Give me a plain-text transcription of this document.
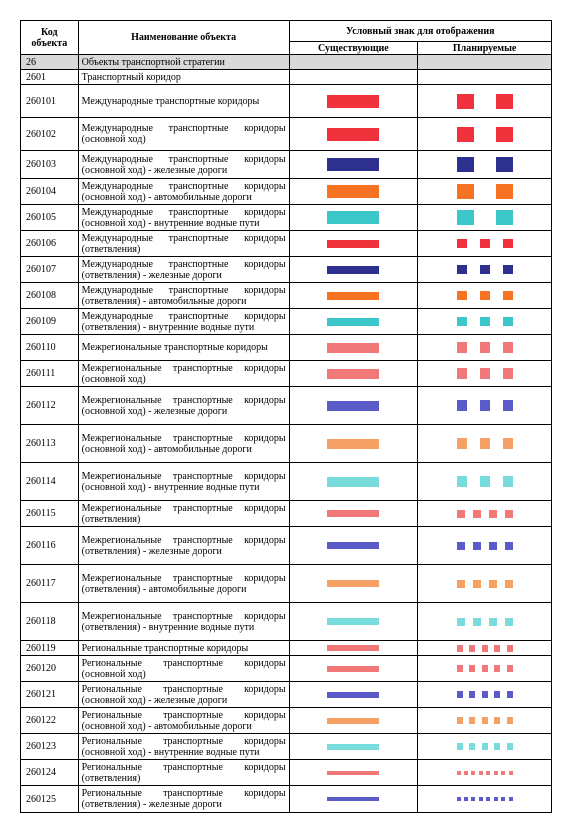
Код объекта	Наименование объекта	Условный знак для отображения	
		Существующие	Планируемые
26	Объекты транспортной стратегии		
2601	Транспортный коридор		
260101	Международные транспортные коридоры	

260102	Международные транспортные коридоры (основной ход)	

260103	Международные транспортные коридоры (основной ход) - железные дороги	

260104	Международные транспортные коридоры (основной ход) - автомобильные дороги	

260105	Международные транспортные коридоры (основной ход) - внутренние водные пути	

260106	Международные транспортные коридоры (ответвления)	

260107	Международные транспортные коридоры (ответвления) - железные дороги	

260108	Международные транспортные коридоры (ответвления) - автомобильные дороги	

260109	Международные транспортные коридоры (ответвления) - внутренние водные пути	

260110	Межрегиональные транспортные коридоры	

260111	Межрегиональные транспортные коридоры (основной ход)	

260112	Межрегиональные транспортные коридоры (основной ход) - железные дороги	

260113	Межрегиональные транспортные коридоры (основной ход) - автомобильные дороги	

260114	Межрегиональные транспортные коридоры (основной ход) - внутренние водные пути	

260115	Межрегиональные транспортные коридоры (ответвления)	

260116	Межрегиональные транспортные коридоры (ответвления) - железные дороги	

260117	Межрегиональные транспортные коридоры (ответвления) - автомобильные дороги	

260118	Межрегиональные транспортные коридоры (ответвления) - внутренние водные пути	

260119	Региональные транспортные коридоры	

260120	Региональные транспортные коридоры (основной ход)	

260121	Региональные транспортные коридоры (основной ход) - железные дороги	

260122	Региональные транспортные коридоры (основной ход) - автомобильные дороги	

260123	Региональные транспортные коридоры (основной ход) - внутренние водные пути	

260124	Региональные транспортные коридоры (ответвления)	

260125	Региональные транспортные коридоры (ответвления) - железные дороги	
